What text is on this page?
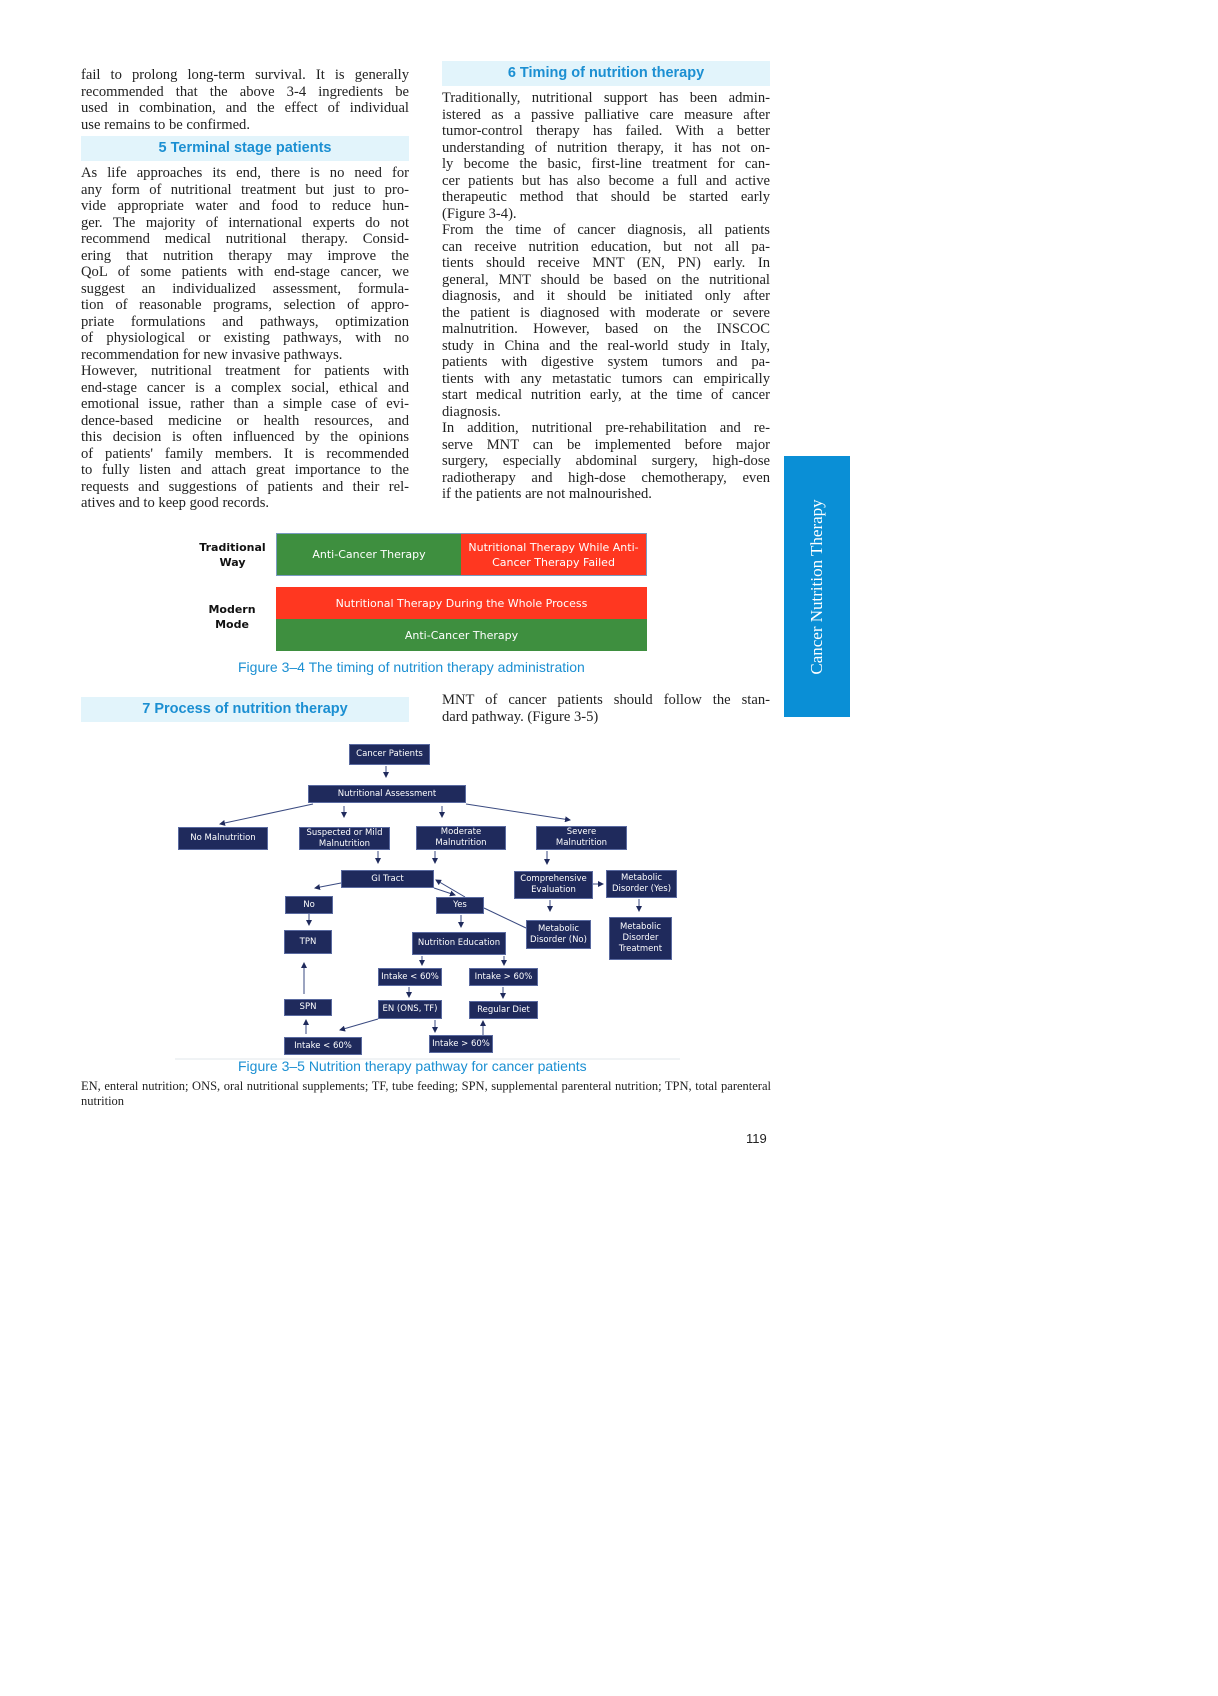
fail to prolong long-term survival. It is generally
recommended that the above 3-4 ingredients be
used in combination, and the effect of individual
use remains to be confirmed.
5 Terminal stage patients
As life approaches its end, there is no need for
any form of nutritional treatment but just to pro-
vide appropriate water and food to reduce hun-
ger. The majority of international experts do not
recommend medical nutritional therapy. Consid-
ering that nutrition therapy may improve the
QoL of some patients with end-stage cancer, we
suggest an individualized assessment, formula-
tion of reasonable programs, selection of appro-
priate formulations and pathways, optimization
of physiological or existing pathways, with no
recommendation for new invasive pathways.
However, nutritional treatment for patients with
end-stage cancer is a complex social, ethical and
emotional issue, rather than a simple case of evi-
dence-based medicine or health resources, and
this decision is often influenced by the opinions
of patients' family members. It is recommended
to fully listen and attach great importance to the
requests and suggestions of patients and their rel-
atives and to keep good records.
6 Timing of nutrition therapy
Traditionally, nutritional support has been admin-
istered as a passive palliative care measure after
tumor-control therapy has failed. With a better
understanding of nutrition therapy, it has not on-
ly become the basic, first-line treatment for can-
cer patients but has also become a full and active
therapeutic method that should be started early
(Figure 3-4).
From the time of cancer diagnosis, all patients
can receive nutrition education, but not all pa-
tients should receive MNT (EN, PN) early. In
general, MNT should be based on the nutritional
diagnosis, and it should be initiated only after
the patient is diagnosed with moderate or severe
malnutrition. However, based on the INSCOC
study in China and the real-world study in Italy,
patients with digestive system tumors and pa-
tients with any metastatic tumors can empirically
start medical nutrition early, at the time of cancer
diagnosis.
In addition, nutritional pre-rehabilitation and re-
serve MNT can be implemented before major
surgery, especially abdominal surgery, high-dose
radiotherapy and high-dose chemotherapy, even
if the patients are not malnourished.
Cancer Nutrition Therapy
Traditional Way
Anti-Cancer Therapy
Nutritional Therapy While Anti-Cancer Therapy Failed
Modern Mode
Nutritional Therapy During the Whole Process
Anti-Cancer Therapy
Figure 3–4 The timing of nutrition therapy administration
7 Process of nutrition therapy
MNT of cancer patients should follow the stan-
dard pathway. (Figure 3-5)
Cancer Patients
Nutritional Assessment
No Malnutrition
Suspected or Mild Malnutrition
Moderate Malnutrition
Severe Malnutrition
GI Tract	Comprehensive Evaluation
Metabolic Disorder (Yes)
No	Yes
TPN	Nutrition Education
Metabolic Disorder (No)
Metabolic Disorder Treatment
Intake < 60%	Intake > 60%
SPN	EN (ONS, TF)	Regular Diet
Intake < 60%	Intake > 60%
Figure 3–5 Nutrition therapy pathway for cancer patients
EN, enteral nutrition; ONS, oral nutritional supplements; TF, tube feeding; SPN, supplemental parenteral nutrition; TPN, total parenteral nutrition
119
